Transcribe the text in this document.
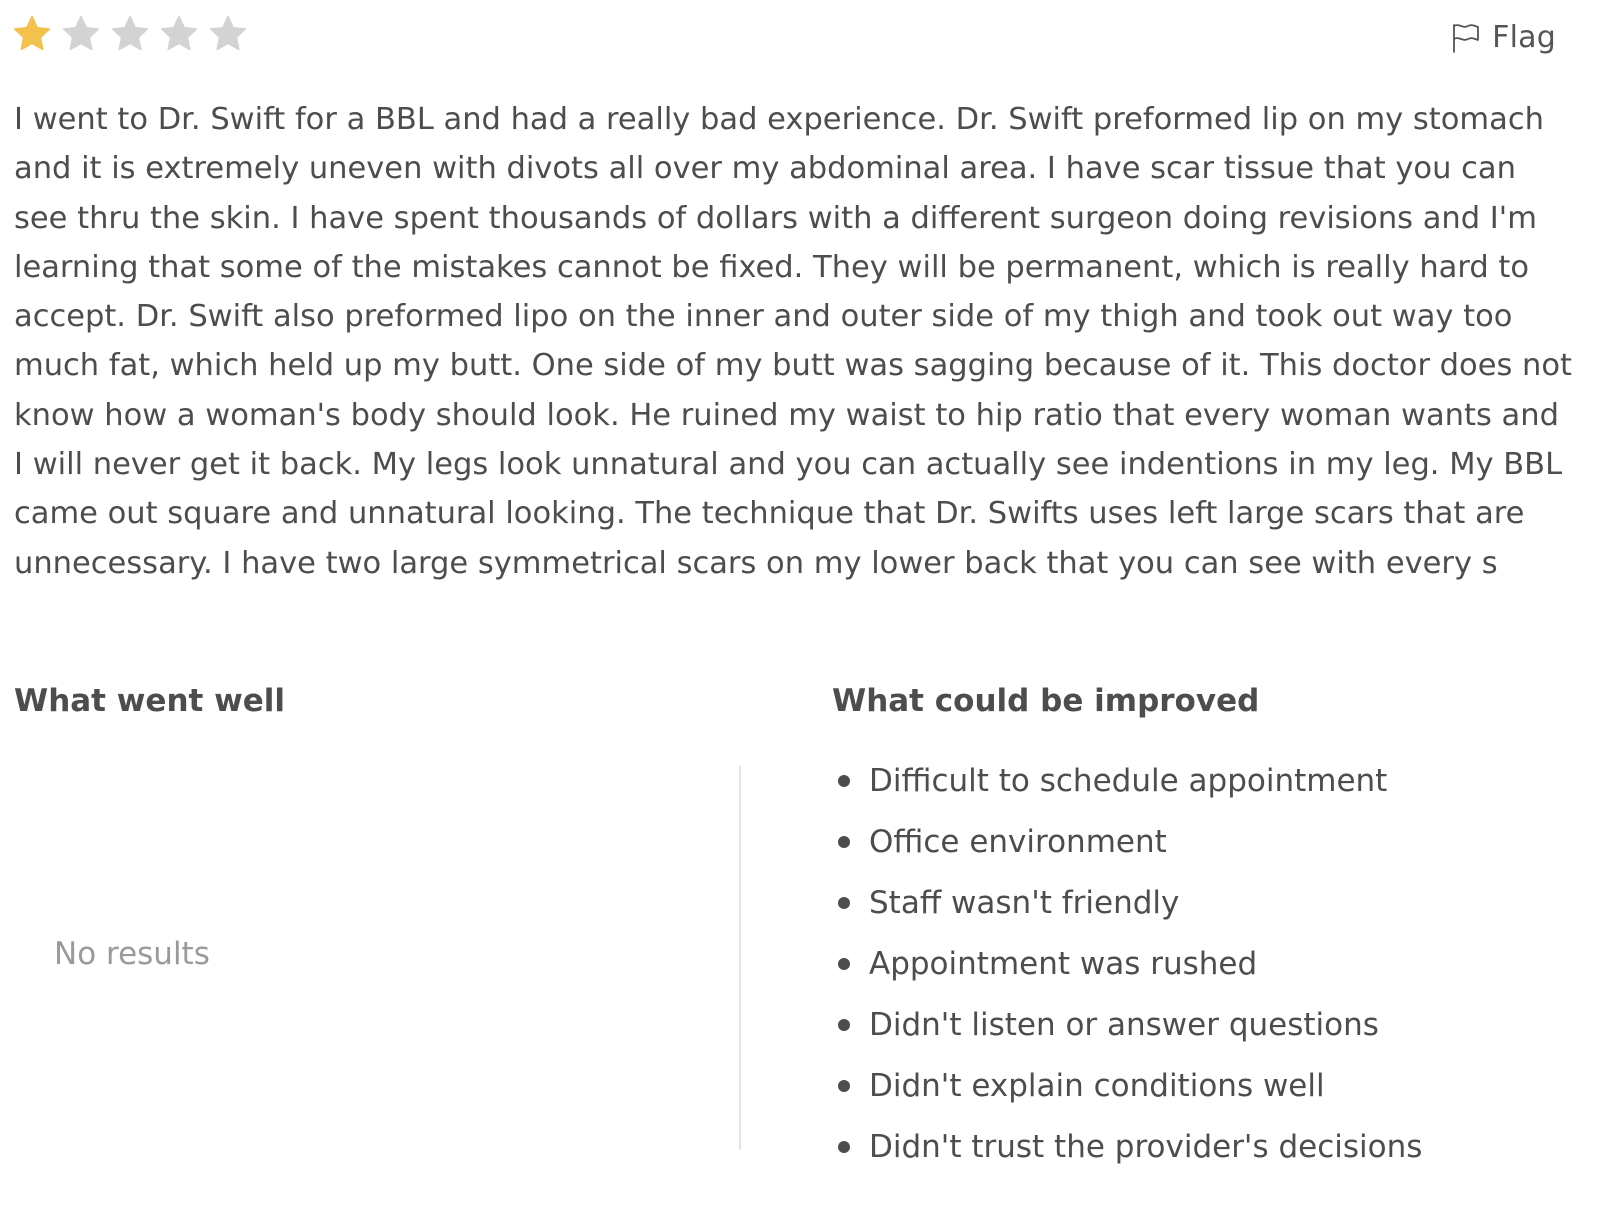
Flag

I went to Dr. Swift for a BBL and had a really bad experience. Dr. Swift preformed lip on my stomach and it is extremely uneven with divots all over my abdominal area. I have scar tissue that you can see thru the skin. I have spent thousands of dollars with a different surgeon doing revisions and I'm learning that some of the mistakes cannot be fixed. They will be permanent, which is really hard to accept. Dr. Swift also preformed lipo on the inner and outer side of my thigh and took out way too much fat, which held up my butt. One side of my butt was sagging because of it. This doctor does not know how a woman's body should look. He ruined my waist to hip ratio that every woman wants and I will never get it back. My legs look unnatural and you can actually see indentions in my leg. My BBL came out square and unnatural looking. The technique that Dr. Swifts uses left large scars that are unnecessary. I have two large symmetrical scars on my lower back that you can see with every s

What went well
No results
What could be improved
Difficult to schedule appointment
Office environment
Staff wasn't friendly
Appointment was rushed
Didn't listen or answer questions
Didn't explain conditions well
Didn't trust the provider's decisions
